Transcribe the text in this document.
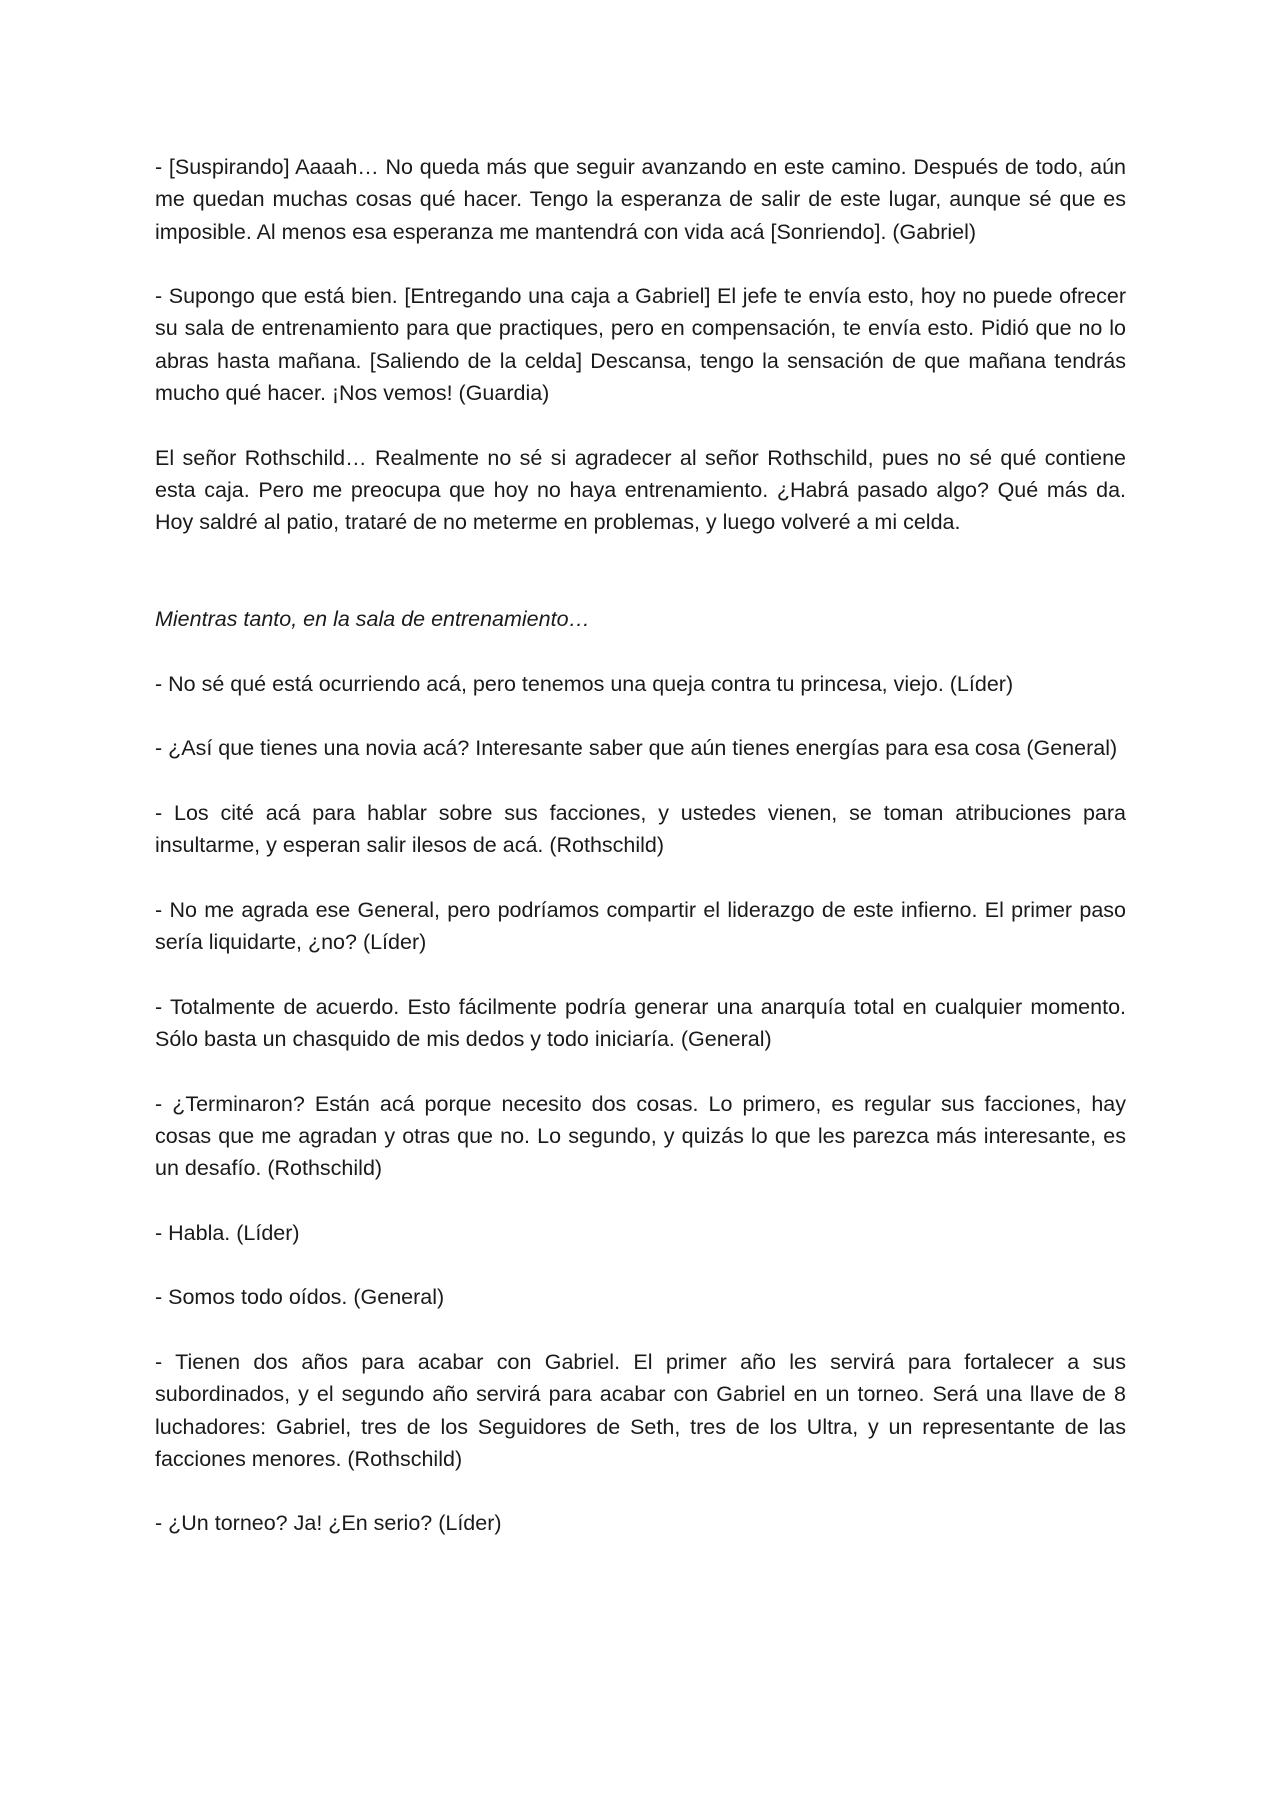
- [Suspirando] Aaaah… No queda más que seguir avanzando en este camino. Después de todo, aún me quedan muchas cosas qué hacer. Tengo la esperanza de salir de este lugar, aunque sé que es imposible. Al menos esa esperanza me mantendrá con vida acá [Sonriendo]. (Gabriel)

- Supongo que está bien. [Entregando una caja a Gabriel] El jefe te envía esto, hoy no puede ofrecer su sala de entrenamiento para que practiques, pero en compensación, te envía esto. Pidió que no lo abras hasta mañana. [Saliendo de la celda] Descansa, tengo la sensación de que mañana tendrás mucho qué hacer. ¡Nos vemos! (Guardia)

El señor Rothschild… Realmente no sé si agradecer al señor Rothschild, pues no sé qué contiene esta caja. Pero me preocupa que hoy no haya entrenamiento. ¿Habrá pasado algo? Qué más da. Hoy saldré al patio, trataré de no meterme en problemas, y luego volveré a mi celda.

Mientras tanto, en la sala de entrenamiento…

- No sé qué está ocurriendo acá, pero tenemos una queja contra tu princesa, viejo. (Líder)

- ¿Así que tienes una novia acá? Interesante saber que aún tienes energías para esa cosa (General)

- Los cité acá para hablar sobre sus facciones, y ustedes vienen, se toman atribuciones para insultarme, y esperan salir ilesos de acá. (Rothschild)

- No me agrada ese General, pero podríamos compartir el liderazgo de este infierno. El primer paso sería liquidarte, ¿no? (Líder)

- Totalmente de acuerdo. Esto fácilmente podría generar una anarquía total en cualquier momento. Sólo basta un chasquido de mis dedos y todo iniciaría. (General)

- ¿Terminaron? Están acá porque necesito dos cosas. Lo primero, es regular sus facciones, hay cosas que me agradan y otras que no. Lo segundo, y quizás lo que les parezca más interesante, es un desafío. (Rothschild)

- Habla. (Líder)

- Somos todo oídos. (General)

- Tienen dos años para acabar con Gabriel. El primer año les servirá para fortalecer a sus subordinados, y el segundo año servirá para acabar con Gabriel en un torneo. Será una llave de 8 luchadores: Gabriel, tres de los Seguidores de Seth, tres de los Ultra, y un representante de las facciones menores. (Rothschild)

- ¿Un torneo? Ja! ¿En serio? (Líder)
